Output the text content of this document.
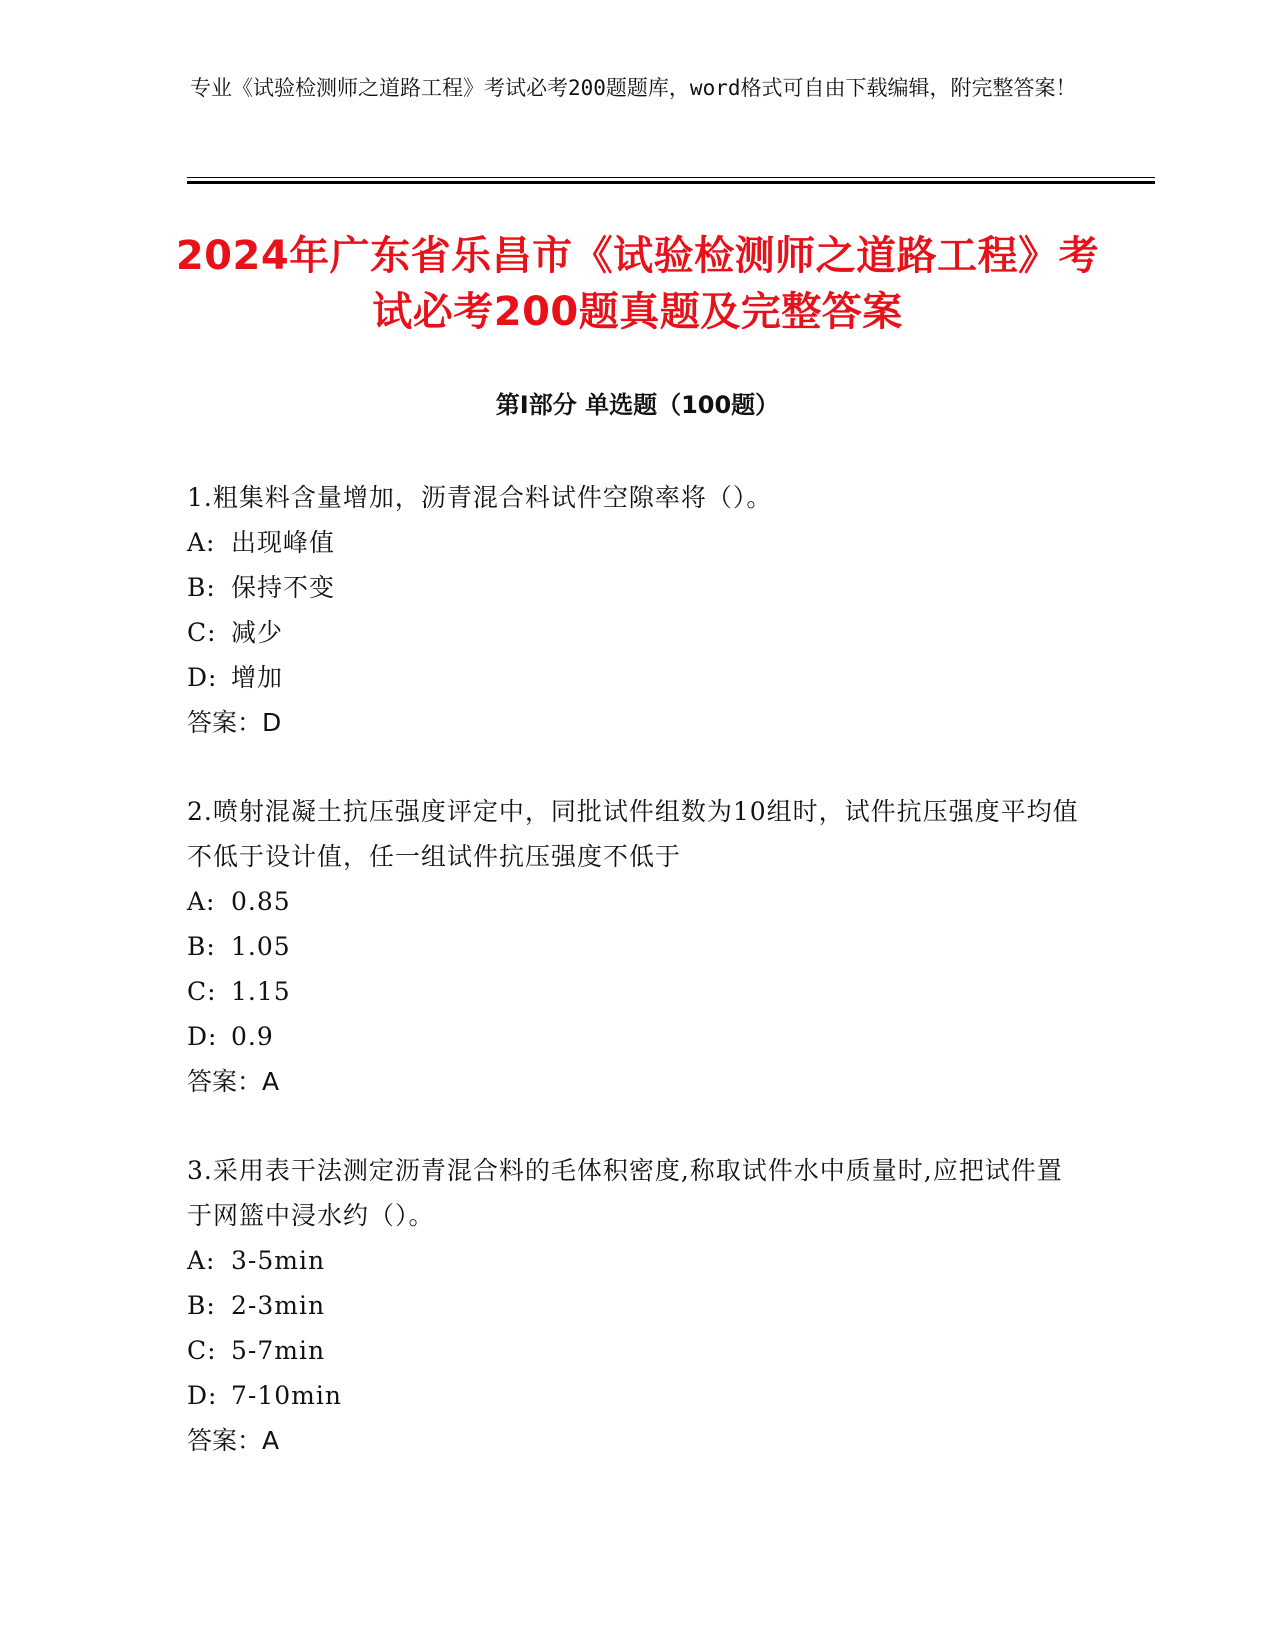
专业《试验检测师之道路工程》考试必考200题题库，word格式可自由下载编辑，附完整答案！
2024年广东省乐昌市《试验检测师之道路工程》考试必考200题真题及完整答案
第I部分 单选题（100题）
1.粗集料含量增加，沥青混合料试件空隙率将（）。
A: 出现峰值
B: 保持不变
C: 减少
D: 增加
答案：D
2.喷射混凝土抗压强度评定中，同批试件组数为10组时，试件抗压强度平均值不低于设计值，任一组试件抗压强度不低于
A: 0.85
B: 1.05
C: 1.15
D: 0.9
答案：A
3.采用表干法测定沥青混合料的毛体积密度,称取试件水中质量时,应把试件置于网篮中浸水约（）。
A: 3-5min
B: 2-3min
C: 5-7min
D: 7-10min
答案：A
